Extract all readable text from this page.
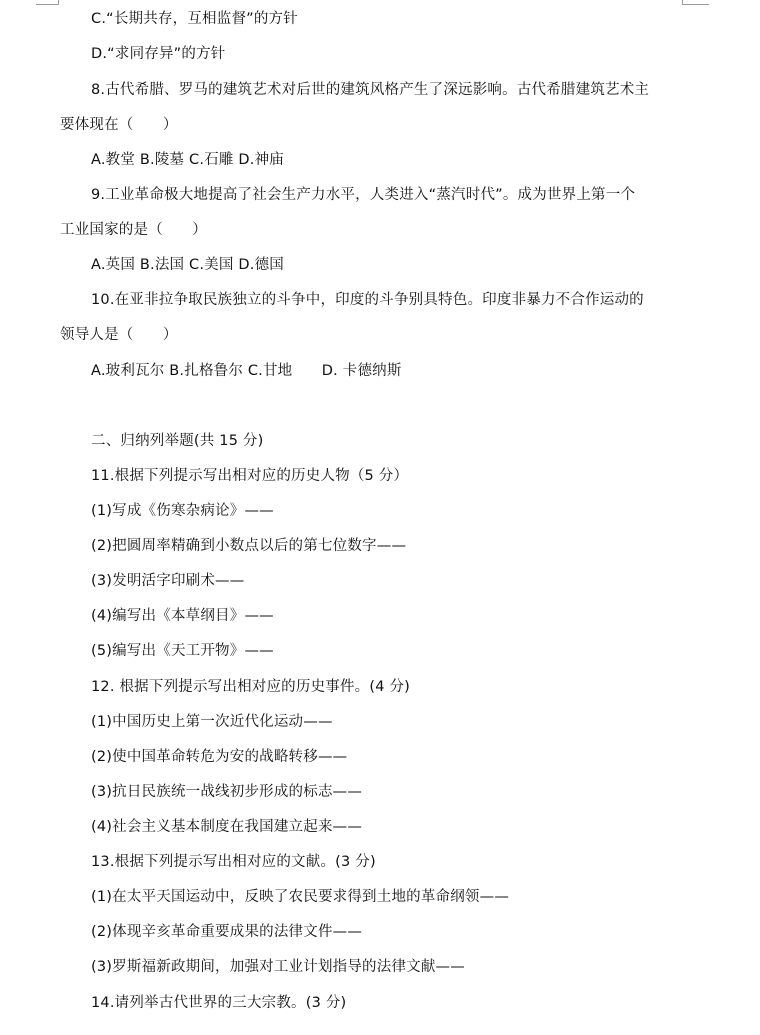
C.“长期共存，互相监督”的方针
D.“求同存异”的方针
8.古代希腊、罗马的建筑艺术对后世的建筑风格产生了深远影响。古代希腊建筑艺术主
要体现在（　　）
A.教堂 B.陵墓 C.石雕 D.神庙
9.工业革命极大地提高了社会生产力水平，人类进入“蒸汽时代”。成为世界上第一个
工业国家的是（　　）
A.英国 B.法国 C.美国 D.德国
10.在亚非拉争取民族独立的斗争中，印度的斗争别具特色。印度非暴力不合作运动的
领导人是（　　）
A.玻利瓦尔 B.扎格鲁尔 C.甘地　　D. 卡德纳斯
二、归纳列举题(共 15 分)
11.根据下列提示写出相对应的历史人物（5 分）
(1)写成《伤寒杂病论》——
(2)把圆周率精确到小数点以后的第七位数字——
(3)发明活字印刷术——
(4)编写出《本草纲目》——
(5)编写出《天工开物》——
12. 根据下列提示写出相对应的历史事件。(4 分)
(1)中国历史上第一次近代化运动——
(2)使中国革命转危为安的战略转移——
(3)抗日民族统一战线初步形成的标志——
(4)社会主义基本制度在我国建立起来——
13.根据下列提示写出相对应的文献。(3 分)
(1)在太平天国运动中，反映了农民要求得到土地的革命纲领——
(2)体现辛亥革命重要成果的法律文件——
(3)罗斯福新政期间，加强对工业计划指导的法律文献——
14.请列举古代世界的三大宗教。(3 分)
